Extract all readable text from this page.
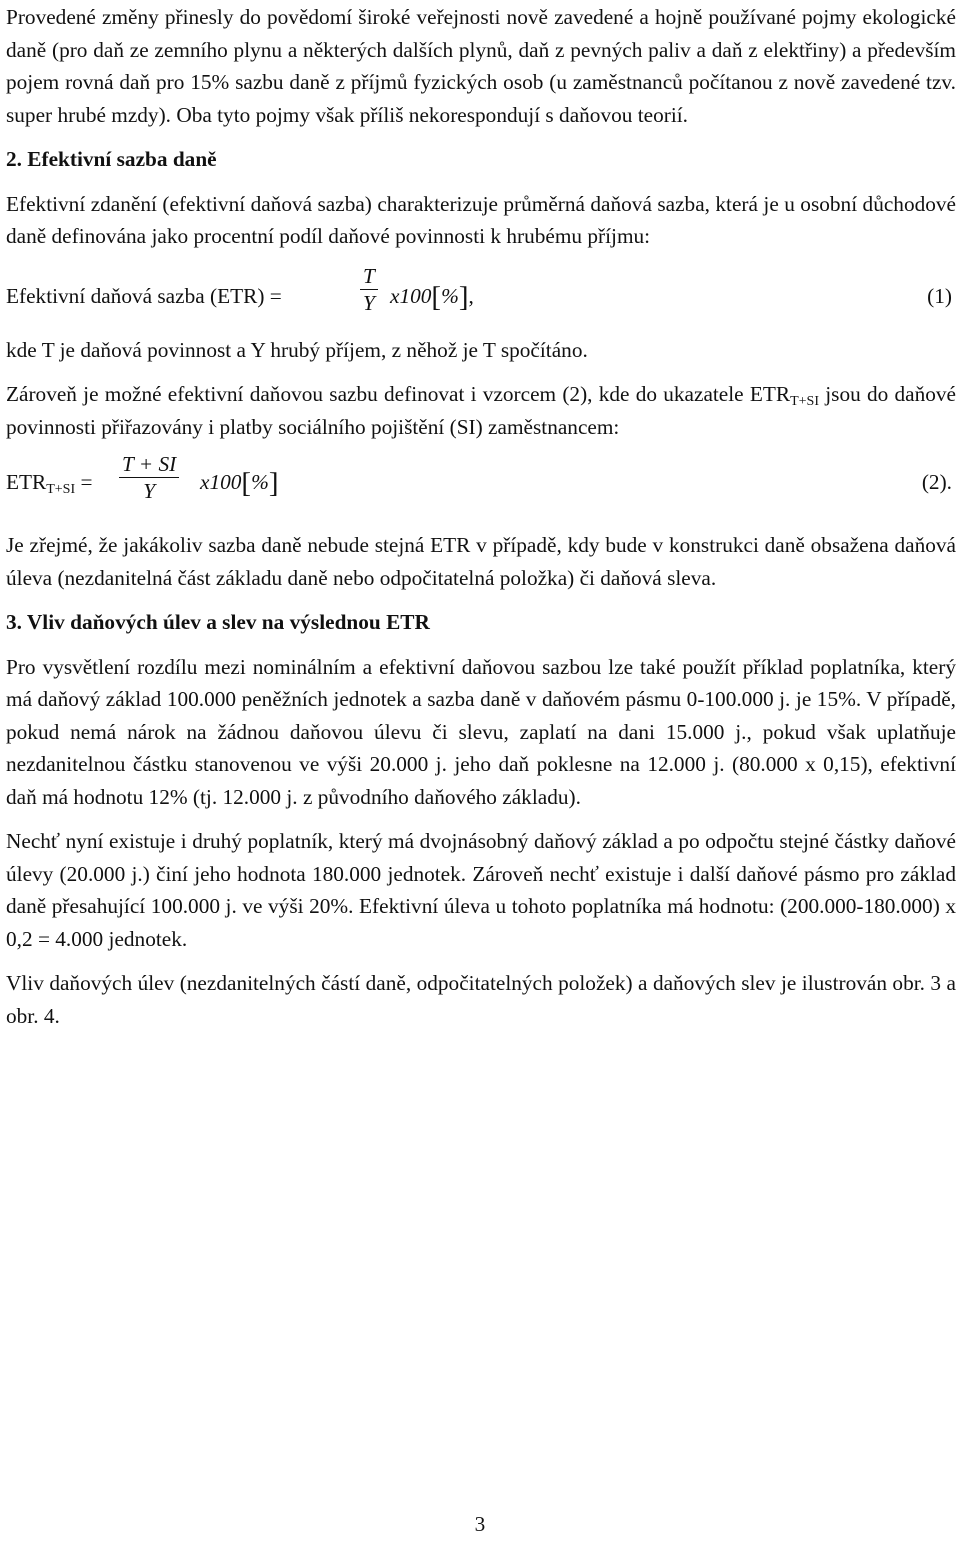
Provedené změny přinesly do povědomí široké veřejnosti nově zavedené a hojně používané pojmy ekologické daně (pro daň ze zemního plynu a některých dalších plynů, daň z pevných paliv a daň z elektřiny) a především pojem rovná daň pro 15% sazbu daně z příjmů fyzických osob (u zaměstnanců počítanou z nově zavedené tzv. super hrubé mzdy). Oba tyto pojmy však příliš nekorespondují s daňovou teorií.

2. Efektivní sazba daně

Efektivní zdanění (efektivní daňová sazba) charakterizuje průměrná daňová sazba, která je u osobní důchodové daně definována jako procentní podíl daňové povinnosti k hrubému příjmu:

Efektivní daňová sazba (ETR) =	$\frac{T}{Y} x100[\%]$,	(1)

kde T je daňová povinnost a Y hrubý příjem, z něhož je T spočítáno.

Zároveň je možné efektivní daňovou sazbu definovat i vzorcem (2), kde do ukazatele $ETR_{T+SI}$ jsou do daňové povinnosti přiřazovány i platby sociálního pojištění (SI) zaměstnancem:

$ETR_{T+SI} = \frac{T + SI}{Y} x100[\%]$	(2).

Je zřejmé, že jakákoliv sazba daně nebude stejná ETR v případě, kdy bude v konstrukci daně obsažena daňová úleva (nezdanitelná část základu daně nebo odpočitatelná položka) či daňová sleva.

3. Vliv daňových úlev a slev na výslednou ETR

Pro vysvětlení rozdílu mezi nominálním a efektivní daňovou sazbou lze také použít příklad poplatníka, který má daňový základ 100.000 peněžních jednotek a sazba daně v daňovém pásmu 0-100.000 j. je 15%. V případě, pokud nemá nárok na žádnou daňovou úlevu či slevu, zaplatí na dani 15.000 j., pokud však uplatňuje nezdanitelnou částku stanovenou ve výši 20.000 j. jeho daň poklesne na 12.000 j. (80.000 x 0,15), efektivní daň má hodnotu 12% (tj. 12.000 j. z původního daňového základu).

Nechť nyní existuje i druhý poplatník, který má dvojnásobný daňový základ a po odpočtu stejné částky daňové úlevy (20.000 j.) činí jeho hodnota 180.000 jednotek. Zároveň nechť existuje i další daňové pásmo pro základ daně přesahující 100.000 j. ve výši 20%. Efektivní úleva u tohoto poplatníka má hodnotu: (200.000-180.000) x 0,2 = 4.000 jednotek.

Vliv daňových úlev (nezdanitelných částí daně, odpočitatelných položek) a daňových slev je ilustrován obr. 3 a obr. 4.

3
